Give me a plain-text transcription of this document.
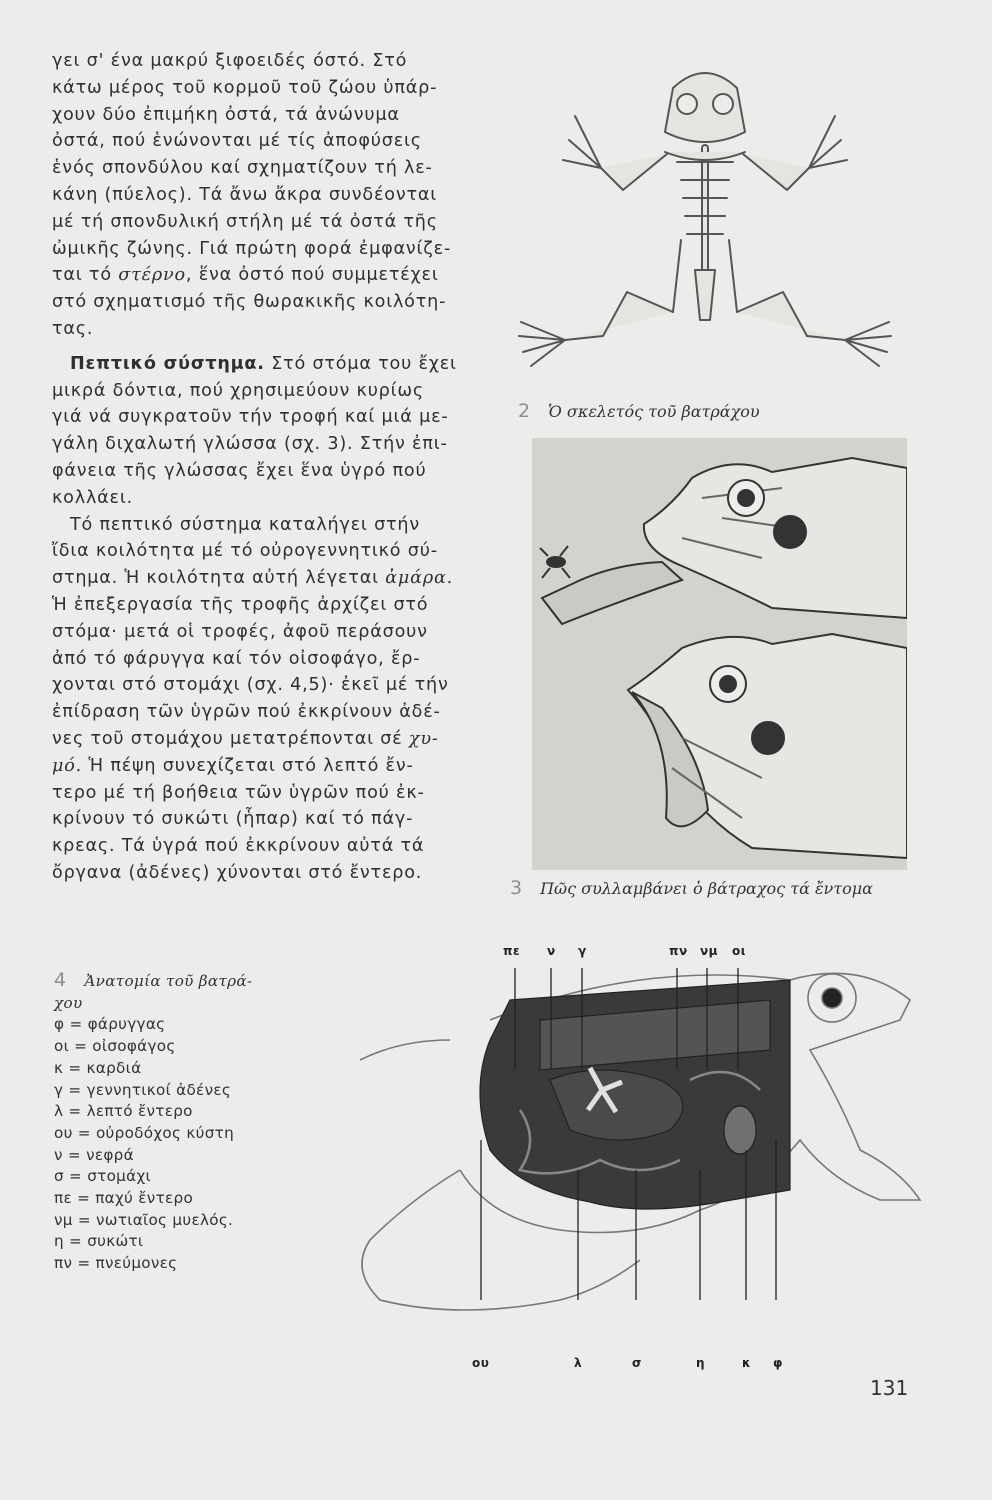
γει σ' ένα μακρύ ξιφοειδές όστό. Στό
κάτω μέρος τοῦ κορμοῦ τοῦ ζώου ὑπάρ-
χουν δύο ἐπιμήκη ὀστά, τά ἀνώνυμα
ὀστά, πού ἑνώνονται μέ τίς ἀποφύσεις
ἑνός σπονδύλου καί σχηματίζουν τή λε-
κάνη (πύελος). Τά ἄνω ἄκρα συνδέονται
μέ τή σπονδυλική στήλη μέ τά ὀστά τῆς
ὠμικῆς ζώνης. Γιά πρώτη φορά ἐμφανίζε-
ται τό στέρνο, ἕνα ὀστό πού συμμετέχει
στό σχηματισμό τῆς θωρακικῆς κοιλότη-
τας.

Πεπτικό σύστημα. Στό στόμα του ἔχει
μικρά δόντια, πού χρησιμεύουν κυρίως
γιά νά συγκρατοῦν τήν τροφή καί μιά με-
γάλη διχαλωτή γλώσσα (σχ. 3). Στήν ἐπι-
φάνεια τῆς γλώσσας ἔχει ἕνα ὑγρό πού
κολλάει.

Τό πεπτικό σύστημα καταλήγει στήν
ἴδια κοιλότητα μέ τό οὐρογεννητικό σύ-
στημα. Ἡ κοιλότητα αὐτή λέγεται ἀμάρα.
Ἡ ἐπεξεργασία τῆς τροφῆς ἀρχίζει στό
στόμα· μετά οἱ τροφές, ἀφοῦ περάσουν
ἀπό τό φάρυγγα καί τόν οἰσοφάγο, ἔρ-
χονται στό στομάχι (σχ. 4,5)· ἐκεῖ μέ τήν
ἐπίδραση τῶν ὑγρῶν πού ἐκκρίνουν ἀδέ-
νες τοῦ στομάχου μετατρέπονται σέ χυ-
μό. Ἡ πέψη συνεχίζεται στό λεπτό ἔν-
τερο μέ τή βοήθεια τῶν ὑγρῶν πού ἐκ-
κρίνουν τό συκώτι (ἧπαρ) καί τό πάγ-
κρεας. Τά ὑγρά πού ἐκκρίνουν αὐτά τά
ὄργανα (ἀδένες) χύνονται στό ἔντερο.

2 Ὁ σκελετός τοῦ βατράχου
3 Πῶς συλλαμβάνει ὁ βάτραχος τά ἔντομα
4 Ἀνατομία τοῦ βατρά-
χου
φ = φάρυγγας
οι = οἰσοφάγος
κ = καρδιά
γ = γεννητικοί ἀδένες
λ = λεπτό ἔντερο
ου = οὐροδόχος κύστη
ν = νεφρά
σ = στομάχι
πε = παχύ ἔντερο
νμ = νωτιαῖος μυελός.
η = συκώτι
πν = πνεύμονες
πε ν γ	πν νμ οι
ου	λ	σ	η	κ φ
131
